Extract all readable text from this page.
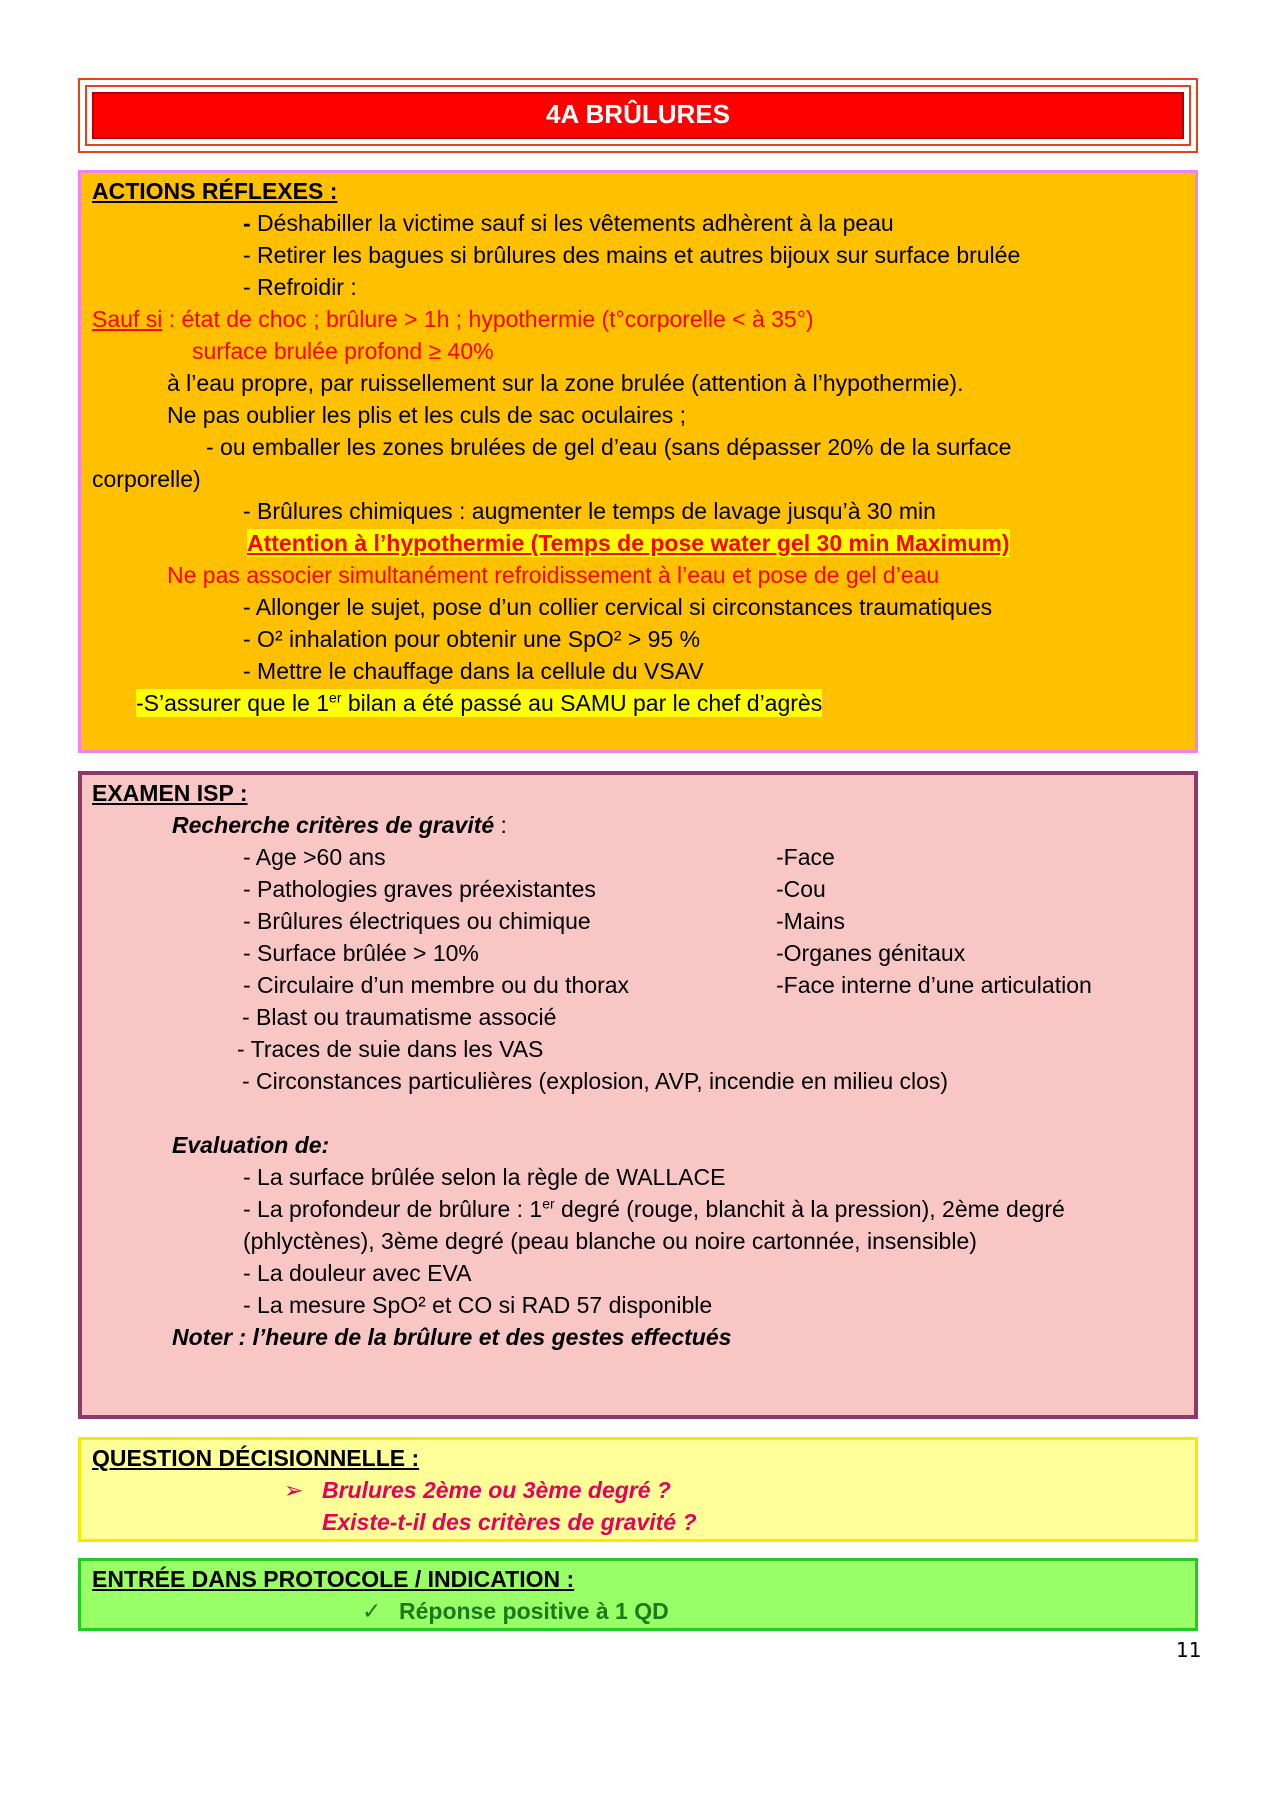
4A BRÛLURES
ACTIONS RÉFLEXES :
- Déshabiller la victime sauf si les vêtements adhèrent à la peau
- Retirer les bagues si brûlures des mains et autres bijoux sur surface brulée
- Refroidir :
Sauf si : état de choc ; brûlure > 1h ; hypothermie (t°corporelle < à 35°)
surface brulée profond ≥ 40%
à l’eau propre, par ruissellement sur la zone brulée (attention à l’hypothermie).
Ne pas oublier les plis et les culs de sac oculaires ;
- ou emballer les zones brulées de gel d’eau (sans dépasser 20% de la surface
corporelle)
- Brûlures chimiques : augmenter le temps de lavage jusqu’à 30 min
Attention à l’hypothermie (Temps de pose water gel 30 min Maximum)
Ne pas associer simultanément refroidissement à l’eau et pose de gel d’eau
- Allonger le sujet, pose d’un collier cervical si circonstances traumatiques
- O² inhalation pour obtenir une SpO² > 95 %
- Mettre le chauffage dans la cellule du VSAV
-S’assurer que le 1er bilan a été passé au SAMU par le chef d’agrès
EXAMEN ISP :
Recherche critères de gravité :
- Age >60 ans
- Pathologies graves préexistantes
- Brûlures électriques ou chimique
- Surface brûlée > 10%
- Circulaire d’un membre ou du thorax
- Blast ou traumatisme associé
- Traces de suie dans les VAS
- Circonstances particulières (explosion, AVP, incendie en milieu clos)
-Face
-Cou
-Mains
-Organes génitaux
-Face interne d’une articulation
Evaluation de:
- La surface brûlée selon la règle de WALLACE
- La profondeur de brûlure : 1er degré (rouge, blanchit à la pression), 2ème degré
(phlyctènes), 3ème degré (peau blanche ou noire cartonnée, insensible)
- La douleur avec EVA
- La mesure SpO² et CO si RAD 57 disponible
Noter : l’heure de la brûlure et des gestes effectués
QUESTION DÉCISIONNELLE :
➢ Brulures 2ème ou 3ème degré ?
Existe-t-il des critères de gravité ?
ENTRÉE DANS PROTOCOLE / INDICATION :
✓ Réponse positive à 1 QD
11
